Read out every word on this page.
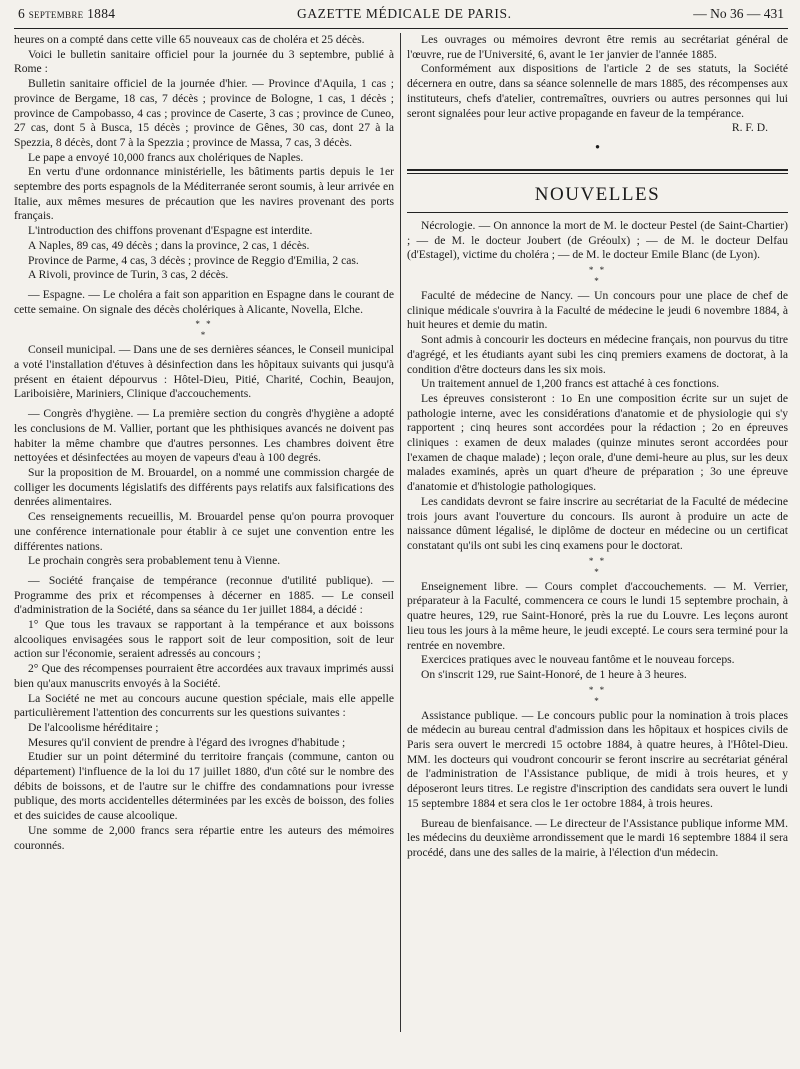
6 septembre 1884	GAZETTE MÉDICALE DE PARIS.	— No 36 — 431

heures on a compté dans cette ville 65 nouveaux cas de choléra et 25 décès.

Voici le bulletin sanitaire officiel pour la journée du 3 septembre, publié à Rome :

Bulletin sanitaire officiel de la journée d'hier. — Province d'Aquila, 1 cas ; province de Bergame, 18 cas, 7 décès ; province de Bologne, 1 cas, 1 décès ; province de Campobasso, 4 cas ; province de Caserte, 3 cas ; province de Cuneo, 27 cas, dont 5 à Busca, 15 décès ; province de Gênes, 30 cas, dont 27 à la Spezzia, 8 décès, dont 7 à la Spezzia ; province de Massa, 7 cas, 3 décès.

Le pape a envoyé 10,000 francs aux cholériques de Naples.

En vertu d'une ordonnance ministérielle, les bâtiments partis depuis le 1er septembre des ports espagnols de la Méditerranée seront soumis, à leur arrivée en Italie, aux mêmes mesures de précaution que les navires provenant des ports français.

L'introduction des chiffons provenant d'Espagne est interdite.

A Naples, 89 cas, 49 décès ; dans la province, 2 cas, 1 décès.

Province de Parme, 4 cas, 3 décès ; province de Reggio d'Emilia, 2 cas.

A Rivoli, province de Turin, 3 cas, 2 décès.

— Espagne. — Le choléra a fait son apparition en Espagne dans le courant de cette semaine. On signale des décès cholériques à Alicante, Novella, Elche.

* *
*

Conseil municipal. — Dans une de ses dernières séances, le Conseil municipal a voté l'installation d'étuves à désinfection dans les hôpitaux suivants qui jusqu'à présent en étaient dépourvus : Hôtel-Dieu, Pitié, Charité, Cochin, Beaujon, Lariboisière, Mariniers, Clinique d'accouchements.

— Congrès d'hygiène. — La première section du congrès d'hygiène a adopté les conclusions de M. Vallier, portant que les phthisiques avancés ne doivent pas habiter la même chambre que d'autres personnes. Les chambres doivent être nettoyées et désinfectées au moyen de vapeurs d'eau à 100 degrés.

Sur la proposition de M. Brouardel, on a nommé une commission chargée de colliger les documents législatifs des différents pays relatifs aux falsifications des denrées alimentaires.

Ces renseignements recueillis, M. Brouardel pense qu'on pourra provoquer une conférence internationale pour établir à ce sujet une convention entre les différentes nations.

Le prochain congrès sera probablement tenu à Vienne.

— Société française de tempérance (reconnue d'utilité publique). — Programme des prix et récompenses à décerner en 1885. — Le conseil d'administration de la Société, dans sa séance du 1er juillet 1884, a décidé :

1° Que tous les travaux se rapportant à la tempérance et aux boissons alcooliques envisagées sous le rapport soit de leur composition, soit de leur action sur l'économie, seraient adressés au concours ;

2° Que des récompenses pourraient être accordées aux travaux imprimés aussi bien qu'aux manuscrits envoyés à la Société.

La Société ne met au concours aucune question spéciale, mais elle appelle particulièrement l'attention des concurrents sur les questions suivantes :

De l'alcoolisme héréditaire ;

Mesures qu'il convient de prendre à l'égard des ivrognes d'habitude ;

Etudier sur un point déterminé du territoire français (commune, canton ou département) l'influence de la loi du 17 juillet 1880, d'un côté sur le nombre des débits de boissons, et de l'autre sur le chiffre des condamnations pour ivresse publique, des morts accidentelles déterminées par les excès de boisson, des folies et des suicides de cause alcoolique.

Une somme de 2,000 francs sera répartie entre les auteurs des mémoires couronnés.

Les ouvrages ou mémoires devront être remis au secrétariat général de l'œuvre, rue de l'Université, 6, avant le 1er janvier de l'année 1885.

Conformément aux dispositions de l'article 2 de ses statuts, la Société décernera en outre, dans sa séance solennelle de mars 1885, des récompenses aux instituteurs, chefs d'atelier, contremaîtres, ouvriers ou autres personnes qui lui seront signalées pour leur active propagande en faveur de la tempérance.

R. F. D.
●
NOUVELLES

Nécrologie. — On annonce la mort de M. le docteur Pestel (de Saint-Chartier) ; — de M. le docteur Joubert (de Gréoulx) ; — de M. le docteur Delfau (d'Estagel), victime du choléra ; — de M. le docteur Emile Blanc (de Lyon).

* *
*

Faculté de médecine de Nancy. — Un concours pour une place de chef de clinique médicale s'ouvrira à la Faculté de médecine le jeudi 6 novembre 1884, à huit heures et demie du matin.

Sont admis à concourir les docteurs en médecine français, non pourvus du titre d'agrégé, et les étudiants ayant subi les cinq premiers examens de doctorat, à la condition d'être docteurs dans les six mois.

Un traitement annuel de 1,200 francs est attaché à ces fonctions.

Les épreuves consisteront : 1o En une composition écrite sur un sujet de pathologie interne, avec les considérations d'anatomie et de physiologie qui s'y rapportent ; cinq heures sont accordées pour la rédaction ; 2o en épreuves cliniques : examen de deux malades (quinze minutes seront accordées pour l'examen de chaque malade) ; leçon orale, d'une demi-heure au plus, sur les deux malades examinés, après un quart d'heure de préparation ; 3o une épreuve d'anatomie et d'histologie pathologiques.

Les candidats devront se faire inscrire au secrétariat de la Faculté de médecine trois jours avant l'ouverture du concours. Ils auront à produire un acte de naissance dûment légalisé, le diplôme de docteur en médecine ou un certificat constatant qu'ils ont subi les cinq examens pour le doctorat.

* *
*

Enseignement libre. — Cours complet d'accouchements. — M. Verrier, préparateur à la Faculté, commencera ce cours le lundi 15 septembre prochain, à quatre heures, 129, rue Saint-Honoré, près la rue du Louvre. Les leçons auront lieu tous les jours à la même heure, le jeudi excepté. Le cours sera terminé pour la rentrée en novembre.

Exercices pratiques avec le nouveau fantôme et le nouveau forceps.

On s'inscrit 129, rue Saint-Honoré, de 1 heure à 3 heures.

* *
*

Assistance publique. — Le concours public pour la nomination à trois places de médecin au bureau central d'admission dans les hôpitaux et hospices civils de Paris sera ouvert le mercredi 15 octobre 1884, à quatre heures, à l'Hôtel-Dieu. MM. les docteurs qui voudront concourir se feront inscrire au secrétariat général de l'administration de l'Assistance publique, de midi à trois heures, et y déposeront leurs titres. Le registre d'inscription des candidats sera ouvert le lundi 15 septembre 1884 et sera clos le 1er octobre 1884, à trois heures.

Bureau de bienfaisance. — Le directeur de l'Assistance publique informe MM. les médecins du deuxième arrondissement que le mardi 16 septembre 1884 il sera procédé, dans une des salles de la mairie, à l'élection d'un médecin.
